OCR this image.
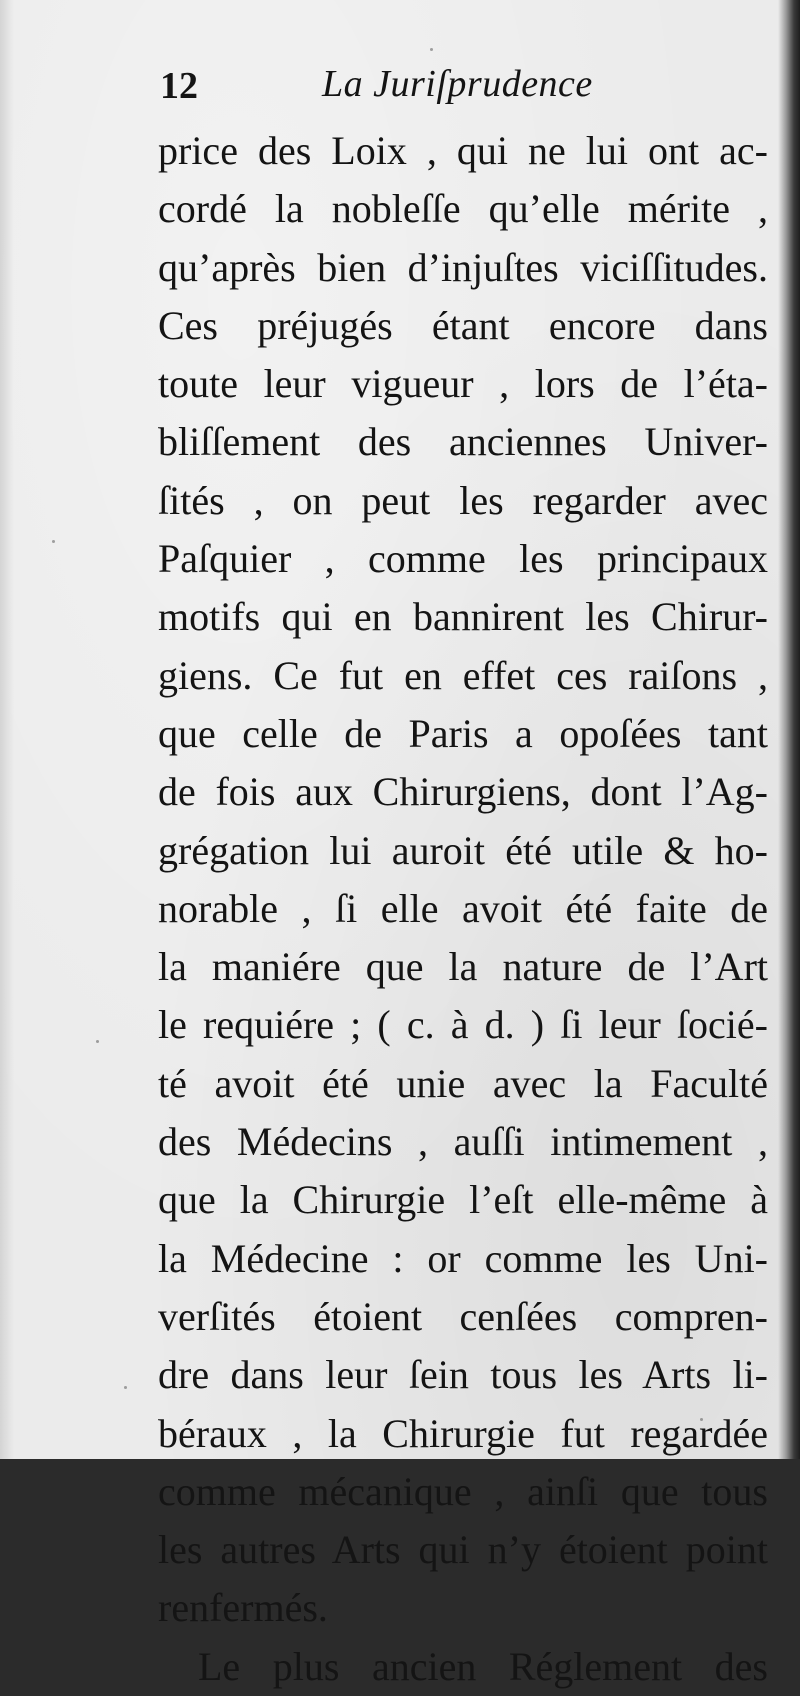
12	La Juriſprudence
price des Loix , qui ne lui ont ac-
cordé la nobleſſe qu’elle mérite ,
qu’après bien d’injuſtes viciſſitudes.
Ces préjugés étant encore dans
toute leur vigueur , lors de l’éta-
bliſſement des anciennes Univer-
ſités , on peut les regarder avec
Paſquier , comme les principaux
motifs qui en bannirent les Chirur-
giens. Ce fut en effet ces raiſons ,
que celle de Paris a opoſées tant
de fois aux Chirurgiens, dont l’Ag-
grégation lui auroit été utile & ho-
norable , ſi elle avoit été faite de
la maniére que la nature de l’Art
le requiére ; ( c. à d. ) ſi leur ſocié-
té avoit été unie avec la Faculté
des Médecins , auſſi intimement ,
que la Chirurgie l’eſt elle-même à
la Médecine : or comme les Uni-
verſités étoient cenſées compren-
dre dans leur ſein tous les Arts li-
béraux , la Chirurgie fut regardée
comme mécanique , ainſi que tous
les autres Arts qui n’y étoient point
renfermés.
Le plus ancien Réglement des
